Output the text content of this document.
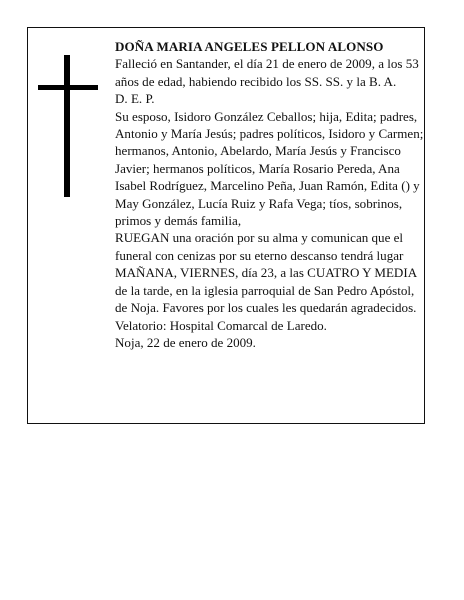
DOÑA MARIA ANGELES PELLON ALONSO

Falleció en Santander, el día 21 de enero de 2009, a los 53 años de edad, habiendo recibido los SS. SS. y la B. A.

D. E. P.

Su esposo, Isidoro González Ceballos; hija, Edita; padres, Antonio y María Jesús; padres políticos, Isidoro y Carmen; hermanos, Antonio, Abelardo, María Jesús y Francisco Javier; hermanos políticos, María Rosario Pereda, Ana Isabel Rodríguez, Marcelino Peña, Juan Ramón, Edita () y May González, Lucía Ruiz y Rafa Vega; tíos, sobrinos, primos y demás familia,

RUEGAN una oración por su alma y comunican que el funeral con cenizas por su eterno descanso tendrá lugar MAÑANA, VIERNES, día 23, a las CUATRO Y MEDIA de la tarde, en la iglesia parroquial de San Pedro Apóstol, de Noja. Favores por los cuales les quedarán agradecidos. Velatorio: Hospital Comarcal de Laredo.

Noja, 22 de enero de 2009.
